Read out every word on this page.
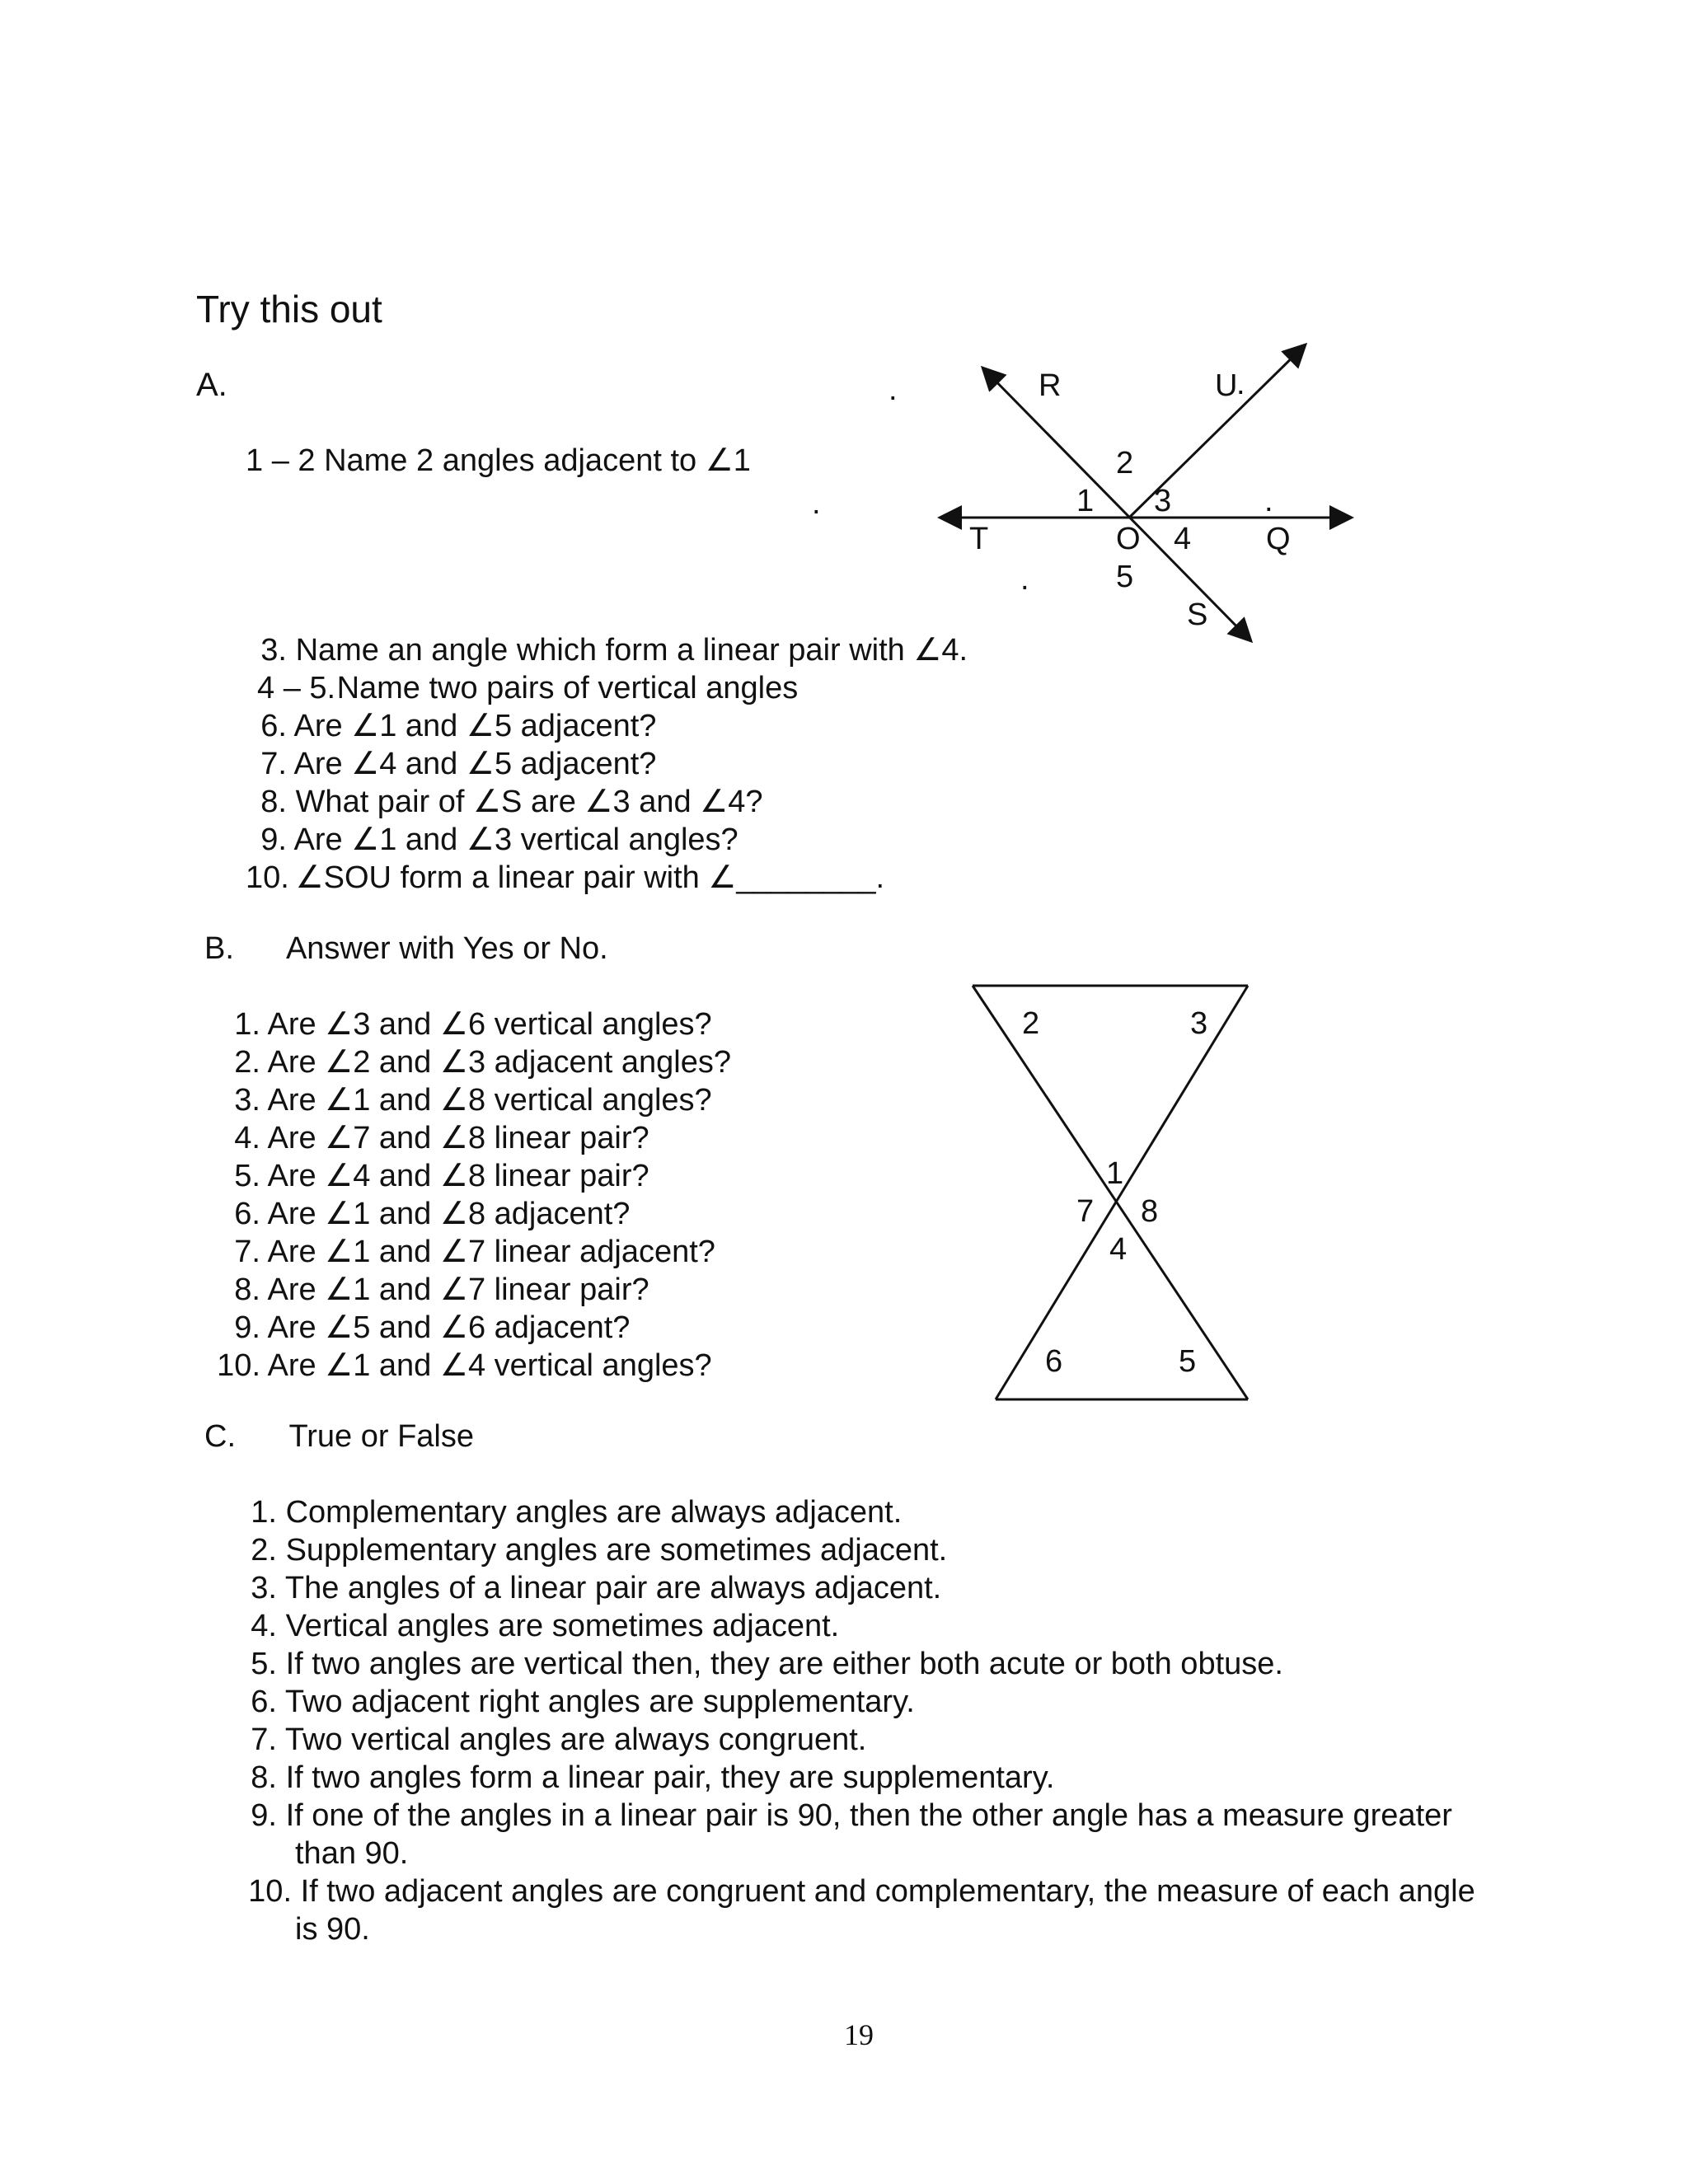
Try this out
A.
1 – 2 Name 2 angles adjacent to ∠1
.
.
.
3. Name an angle which form a linear pair with ∠4.
4 – 5. Name two pairs of vertical angles
6. Are ∠1 and ∠5 adjacent?
7. Are ∠4 and ∠5 adjacent?
8. What pair of ∠S are ∠3 and ∠4?
9. Are ∠1 and ∠3 vertical angles?
10. ∠SOU form a linear pair with ∠________.
R	U
.
T	O	Q
.
S
1
2
3
4
5
2	3
1
7 8
4
6	5
B. Answer with Yes or No.
1. Are ∠3 and ∠6 vertical angles?
2. Are ∠2 and ∠3 adjacent angles?
3. Are ∠1 and ∠8 vertical angles?
4. Are ∠7 and ∠8 linear pair?
5. Are ∠4 and ∠8 linear pair?
6. Are ∠1 and ∠8 adjacent?
7. Are ∠1 and ∠7 linear adjacent?
8. Are ∠1 and ∠7 linear pair?
9. Are ∠5 and ∠6 adjacent?
10. Are ∠1 and ∠4 vertical angles?
C. True or False
1. Complementary angles are always adjacent.
2. Supplementary angles are sometimes adjacent.
3. The angles of a linear pair are always adjacent.
4. Vertical angles are sometimes adjacent.
5. If two angles are vertical then, they are either both acute or both obtuse.
6. Two adjacent right angles are supplementary.
7. Two vertical angles are always congruent.
8. If two angles form a linear pair, they are supplementary.
9. If one of the angles in a linear pair is 90, then the other angle has a measure greater
than 90.
10. If two adjacent angles are congruent and complementary, the measure of each angle
is 90.
19
